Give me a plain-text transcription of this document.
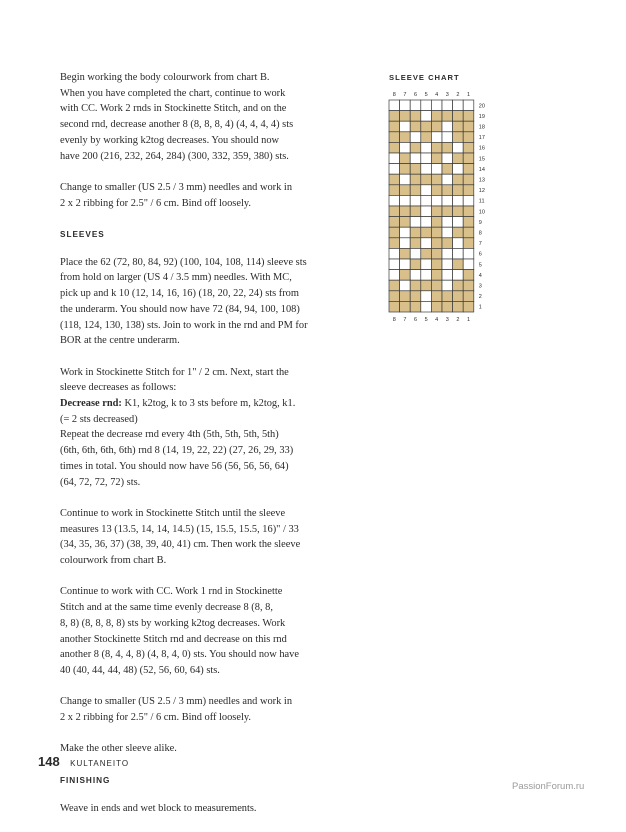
Begin working the body colourwork from chart B.
When you have completed the chart, continue to work
with CC. Work 2 rnds in Stockinette Stitch, and on the
second rnd, decrease another 8 (8, 8, 8, 4) (4, 4, 4, 4) sts
evenly by working k2tog decreases. You should now
have 200 (216, 232, 264, 284) (300, 332, 359, 380) sts.

Change to smaller (US 2.5 / 3 mm) needles and work in
2 x 2 ribbing for 2.5" / 6 cm. Bind off loosely.

SLEEVES

Place the 62 (72, 80, 84, 92) (100, 104, 108, 114) sleeve sts
from hold on larger (US 4 / 3.5 mm) needles. With MC,
pick up and k 10 (12, 14, 16, 16) (18, 20, 22, 24) sts from
the underarm. You should now have 72 (84, 94, 100, 108)
(118, 124, 130, 138) sts. Join to work in the rnd and PM for
BOR at the centre underarm.

Work in Stockinette Stitch for 1" / 2 cm. Next, start the
sleeve decreases as follows:

Decrease rnd: K1, k2tog, k to 3 sts before m, k2tog, k1.

(= 2 sts decreased)
Repeat the decrease rnd every 4th (5th, 5th, 5th, 5th)
(6th, 6th, 6th, 6th) rnd 8 (14, 19, 22, 22) (27, 26, 29, 33)
times in total. You should now have 56 (56, 56, 56, 64)
(64, 72, 72, 72) sts.

Continue to work in Stockinette Stitch until the sleeve
measures 13 (13.5, 14, 14, 14.5) (15, 15.5, 15.5, 16)" / 33
(34, 35, 36, 37) (38, 39, 40, 41) cm. Then work the sleeve
colourwork from chart B.

Continue to work with CC. Work 1 rnd in Stockinette
Stitch and at the same time evenly decrease 8 (8, 8,
8, 8) (8, 8, 8, 8) sts by working k2tog decreases. Work
another Stockinette Stitch rnd and decrease on this rnd
another 8 (8, 4, 4, 8) (4, 8, 4, 0) sts. You should now have
40 (40, 44, 44, 48) (52, 56, 60, 64) sts.

Change to smaller (US 2.5 / 3 mm) needles and work in
2 x 2 ribbing for 2.5" / 6 cm. Bind off loosely.

Make the other sleeve alike.

FINISHING

Weave in ends and wet block to measurements.

SLEEVE CHART
8
8
7
7
6
6
5
5
4
4
3
3
2
2
1
1
20
19
18
17
16
15
14
13
12
11
10
9
8
7
6
5
4
3
2
1
148 KULTANEITO
PassionForum.ru
